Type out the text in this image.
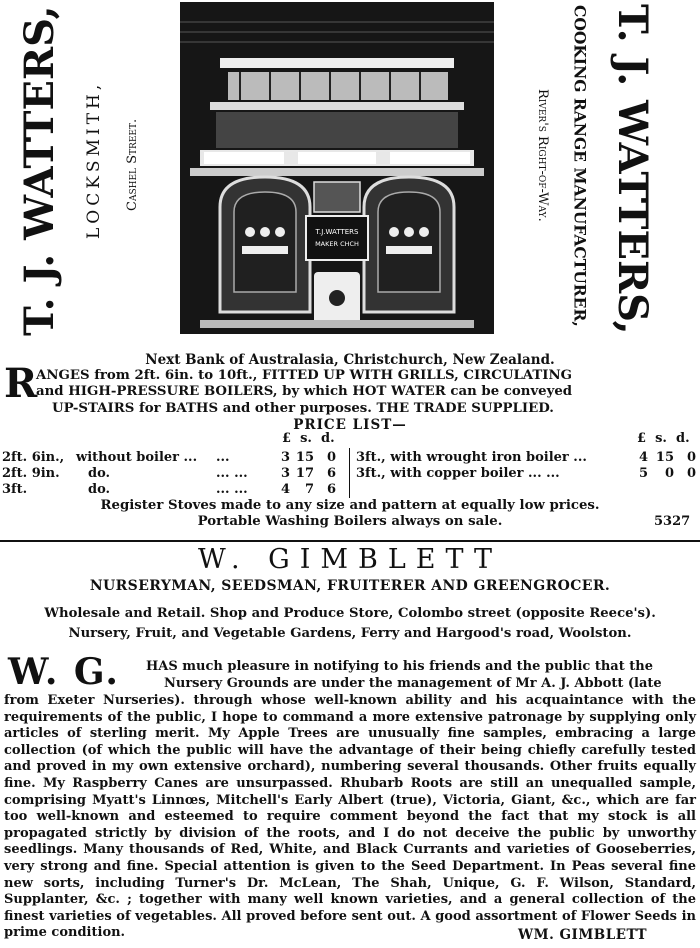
T. J. WATTERS, LOCKSMITH, Cashel Street.
T.J.WATTERS
MAKER CHCH	T. J. WATTERS,
COOKING RANGE MANUFACTURER,
River's Right-of-Way.
Next Bank of Australasia, Christchurch, New Zealand.
R
ANGES from 2ft. 6in. to 10ft., FITTED UP WITH GRILLS, CIRCULATING
and HIGH-PRESSURE BOILERS, by which HOT WATER can be conveyed
UP-STAIRS for BATHS and other purposes. THE TRADE SUPPLIED.
PRICE LIST—
£ s. d.	£ s. d.
2ft. 6in., without boiler ... ...	3 15 0
2ft. 9in. do.	... ...	3 17 6
3ft.	do.	... ...	4 7 6
3ft., with wrought iron boiler ...	4 15 0
3ft., with copper boiler ... ...	5 0 0
Register Stoves made to any size and pattern at equally low prices.
Portable Washing Boilers always on sale.	5327
W. GIMBLETT
NURSERYMAN, SEEDSMAN, FRUITERER AND GREENGROCER.
Wholesale and Retail. Shop and Produce Store, Colombo street (opposite Reece's).
Nursery, Fruit, and Vegetable Gardens, Ferry and Hargood's road, Woolston.
W. G. HAS much pleasure in notifying to his friends and the public that the
Nursery Grounds are under the management of Mr A. J. Abbott (late
from Exeter Nurseries). through whose well-known ability and his acquaintance with the requirements of the public, I hope to command a more extensive patronage by supplying only articles of sterling merit. My Apple Trees are unusually fine samples, embracing a large collection (of which the public will have the advantage of their being chiefly carefully tested and proved in my own extensive orchard), numbering several thousands. Other fruits equally fine. My Raspberry Canes are unsurpassed. Rhubarb Roots are still an unequalled sample, comprising Myatt's Linnœs, Mitchell's Early Albert (true), Victoria, Giant, &c., which are far too well-known and esteemed to require comment beyond the fact that my stock is all propagated strictly by division of the roots, and I do not deceive the public by unworthy seedlings. Many thousands of Red, White, and Black Currants and varieties of Gooseberries, very strong and fine. Special attention is given to the Seed Department. In Peas several fine new sorts, including Turner's Dr. McLean, The Shah, Unique, G. F. Wilson, Standard, Supplanter, &c. ; together with many well known varieties, and a general collection of the finest varieties of vegetables. All proved before sent out. A good assortment of Flower Seeds in prime condition.	WM. GIMBLETT
